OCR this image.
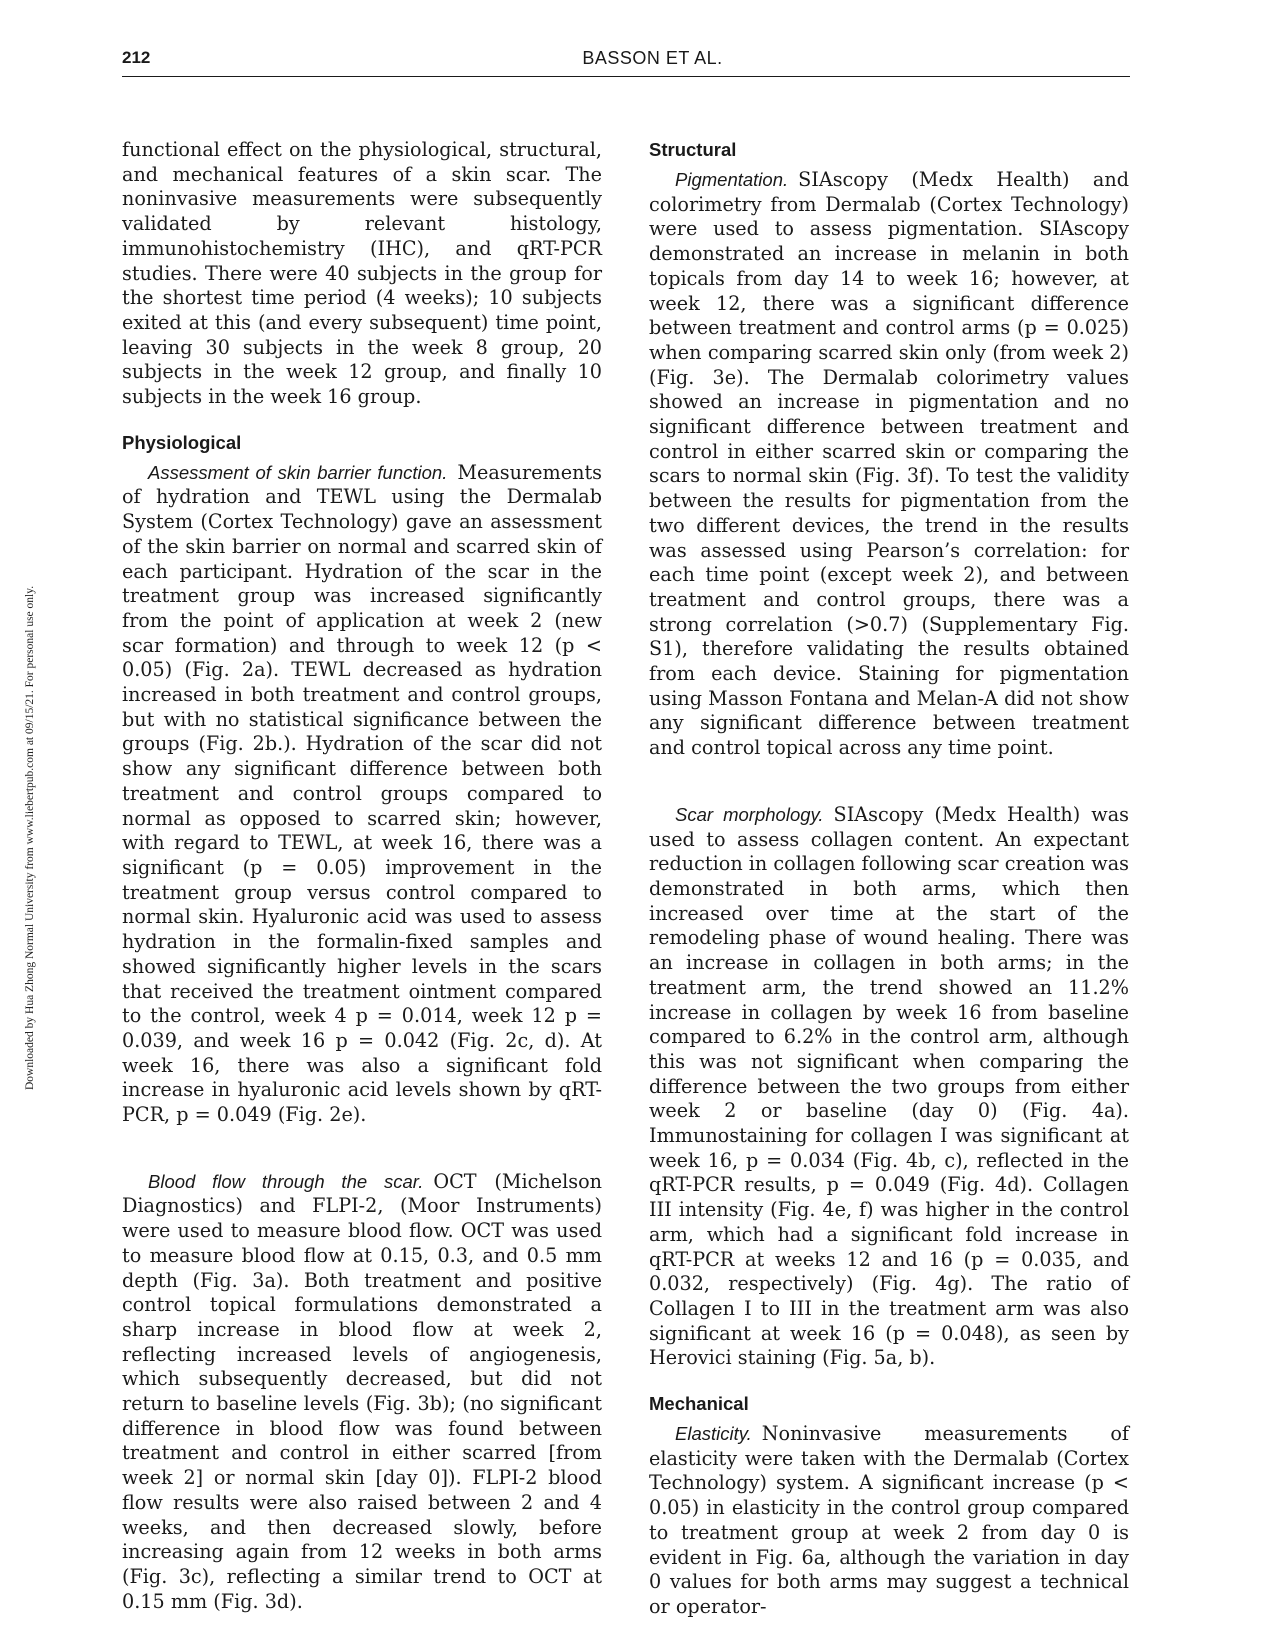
212	BASSON ET AL.
Downloaded by Hua Zhong Normal University from www.liebertpub.com at 09/15/21. For personal use only.

functional effect on the physiological, structural, and mechanical features of a skin scar. The noninvasive measurements were subsequently validated by relevant histology, immunohistochemistry (IHC), and qRT-PCR studies. There were 40 subjects in the group for the shortest time period (4 weeks); 10 subjects exited at this (and every subsequent) time point, leaving 30 subjects in the week 8 group, 20 subjects in the week 12 group, and finally 10 subjects in the week 16 group.

Physiological

Assessment of skin barrier function. Measurements of hydration and TEWL using the Dermalab System (Cortex Technology) gave an assessment of the skin barrier on normal and scarred skin of each participant. Hydration of the scar in the treatment group was increased significantly from the point of application at week 2 (new scar formation) and through to week 12 (p < 0.05) (Fig. 2a). TEWL decreased as hydration increased in both treatment and control groups, but with no statistical significance between the groups (Fig. 2b.). Hydration of the scar did not show any significant difference between both treatment and control groups compared to normal as opposed to scarred skin; however, with regard to TEWL, at week 16, there was a significant (p = 0.05) improvement in the treatment group versus control compared to normal skin. Hyaluronic acid was used to assess hydration in the formalin-fixed samples and showed significantly higher levels in the scars that received the treatment ointment compared to the control, week 4 p = 0.014, week 12 p = 0.039, and week 16 p = 0.042 (Fig. 2c, d). At week 16, there was also a significant fold increase in hyaluronic acid levels shown by qRT-PCR, p = 0.049 (Fig. 2e).

Blood flow through the scar. OCT (Michelson Diagnostics) and FLPI-2, (Moor Instruments) were used to measure blood flow. OCT was used to measure blood flow at 0.15, 0.3, and 0.5 mm depth (Fig. 3a). Both treatment and positive control topical formulations demonstrated a sharp increase in blood flow at week 2, reflecting increased levels of angiogenesis, which subsequently decreased, but did not return to baseline levels (Fig. 3b); (no significant difference in blood flow was found between treatment and control in either scarred [from week 2] or normal skin [day 0]). FLPI-2 blood flow results were also raised between 2 and 4 weeks, and then decreased slowly, before increasing again from 12 weeks in both arms (Fig. 3c), reflecting a similar trend to OCT at 0.15 mm (Fig. 3d).

Structural

Pigmentation. SIAscopy (Medx Health) and colorimetry from Dermalab (Cortex Technology) were used to assess pigmentation. SIAscopy demonstrated an increase in melanin in both topicals from day 14 to week 16; however, at week 12, there was a significant difference between treatment and control arms (p = 0.025) when comparing scarred skin only (from week 2) (Fig. 3e). The Dermalab colorimetry values showed an increase in pigmentation and no significant difference between treatment and control in either scarred skin or comparing the scars to normal skin (Fig. 3f). To test the validity between the results for pigmentation from the two different devices, the trend in the results was assessed using Pearson’s correlation: for each time point (except week 2), and between treatment and control groups, there was a strong correlation (>0.7) (Supplementary Fig. S1), therefore validating the results obtained from each device. Staining for pigmentation using Masson Fontana and Melan-A did not show any significant difference between treatment and control topical across any time point.

Scar morphology. SIAscopy (Medx Health) was used to assess collagen content. An expectant reduction in collagen following scar creation was demonstrated in both arms, which then increased over time at the start of the remodeling phase of wound healing. There was an increase in collagen in both arms; in the treatment arm, the trend showed an 11.2% increase in collagen by week 16 from baseline compared to 6.2% in the control arm, although this was not significant when comparing the difference between the two groups from either week 2 or baseline (day 0) (Fig. 4a). Immunostaining for collagen I was significant at week 16, p = 0.034 (Fig. 4b, c), reflected in the qRT-PCR results, p = 0.049 (Fig. 4d). Collagen III intensity (Fig. 4e, f) was higher in the control arm, which had a significant fold increase in qRT-PCR at weeks 12 and 16 (p = 0.035, and 0.032, respectively) (Fig. 4g). The ratio of Collagen I to III in the treatment arm was also significant at week 16 (p = 0.048), as seen by Herovici staining (Fig. 5a, b).

Mechanical

Elasticity. Noninvasive measurements of elasticity were taken with the Dermalab (Cortex Technology) system. A significant increase (p < 0.05) in elasticity in the control group compared to treatment group at week 2 from day 0 is evident in Fig. 6a, although the variation in day 0 values for both arms may suggest a technical or operator-
